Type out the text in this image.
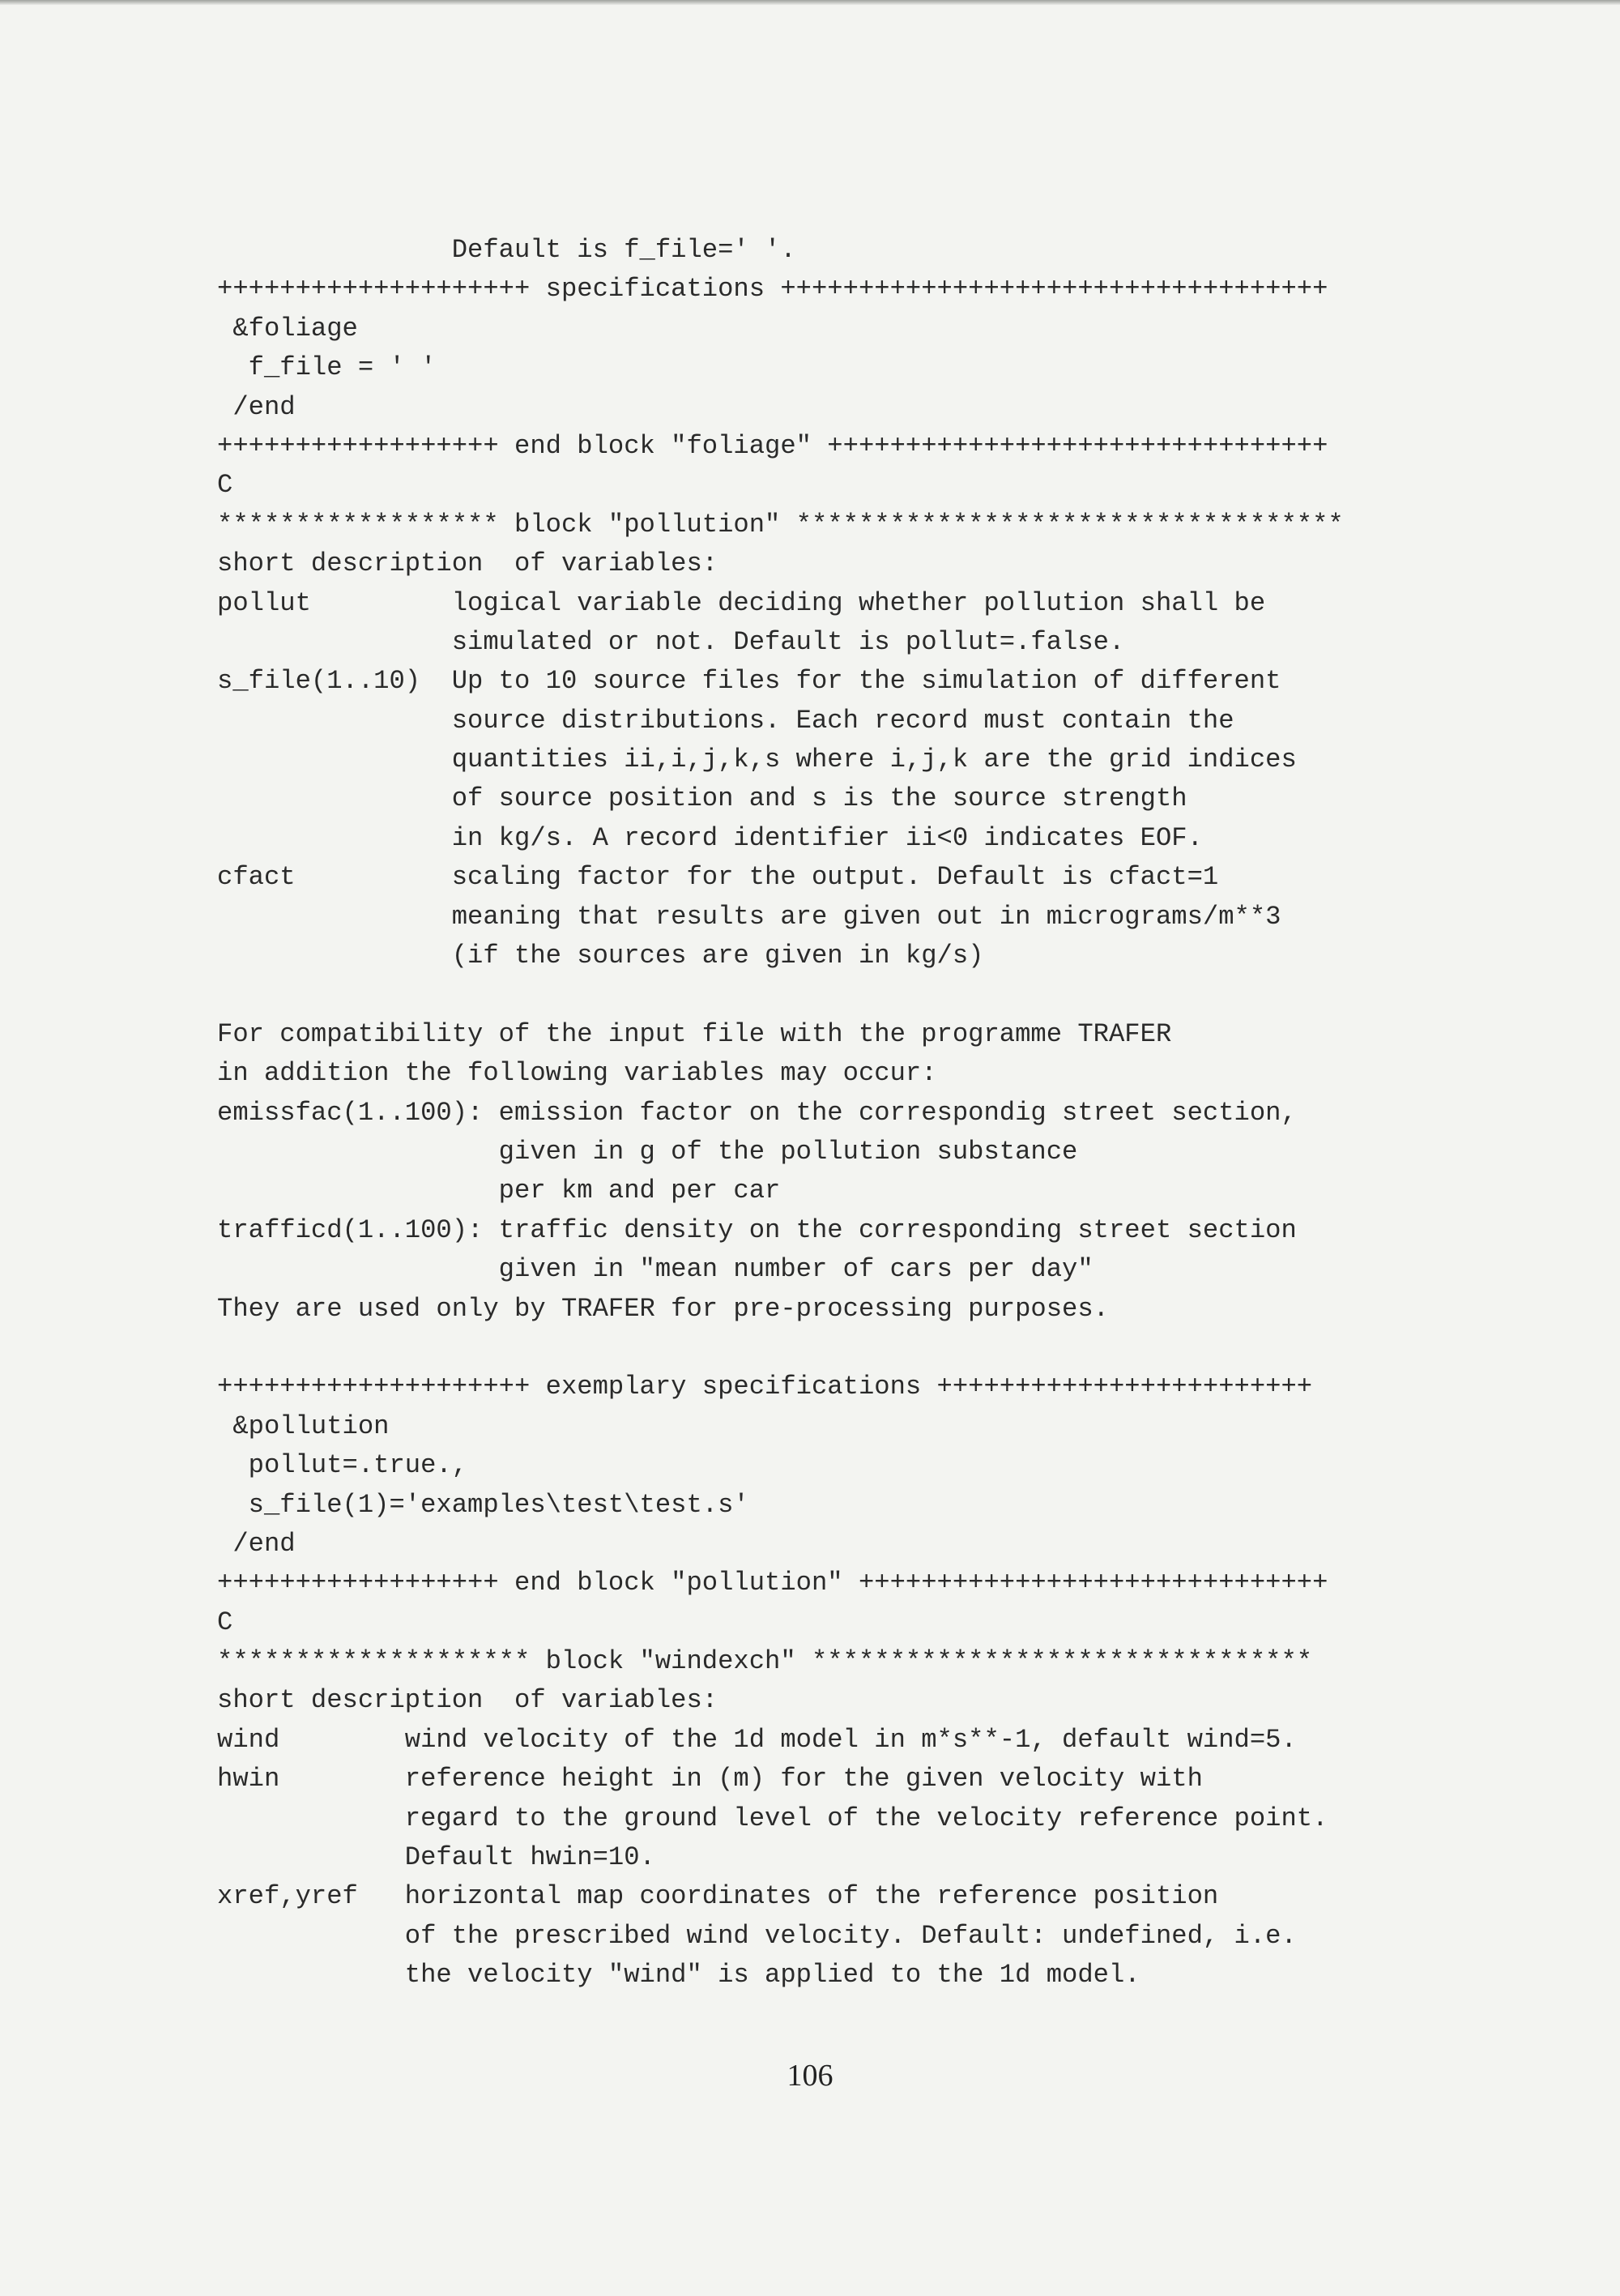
Default is f_file=' '.
++++++++++++++++++++ specifications +++++++++++++++++++++++++++++++++++
&foliage
f_file = ' '
/end
++++++++++++++++++ end block "foliage" ++++++++++++++++++++++++++++++++
C
****************** block "pollution" ***********************************
short description  of variables:
pollut         logical variable deciding whether pollution shall be
simulated or not. Default is pollut=.false.
s_file(1..10)  Up to 10 source files for the simulation of different
source distributions. Each record must contain the
quantities ii,i,j,k,s where i,j,k are the grid indices
of source position and s is the source strength
in kg/s. A record identifier ii<0 indicates EOF.
cfact          scaling factor for the output. Default is cfact=1
meaning that results are given out in micrograms/m**3
(if the sources are given in kg/s)
For compatibility of the input file with the programme TRAFER
in addition the following variables may occur:
emissfac(1..100): emission factor on the correspondig street section,
given in g of the pollution substance
per km and per car
trafficd(1..100): traffic density on the corresponding street section
given in "mean number of cars per day"
They are used only by TRAFER for pre-processing purposes.
++++++++++++++++++++ exemplary specifications ++++++++++++++++++++++++
&pollution
pollut=.true.,
s_file(1)='examples\test\test.s'
/end
++++++++++++++++++ end block "pollution" ++++++++++++++++++++++++++++++
C
******************** block "windexch" ********************************
short description  of variables:
wind        wind velocity of the 1d model in m*s**-1, default wind=5.
hwin        reference height in (m) for the given velocity with
regard to the ground level of the velocity reference point.
Default hwin=10.
xref,yref   horizontal map coordinates of the reference position
of the prescribed wind velocity. Default: undefined, i.e.
the velocity "wind" is applied to the 1d model.
106
